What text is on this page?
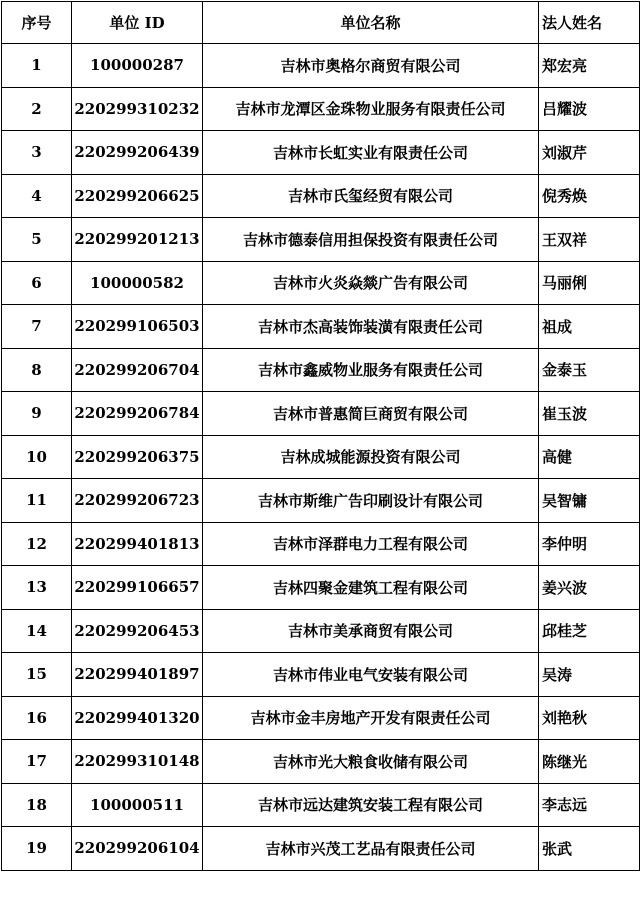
序号	单位 ID	单位名称	法人姓名
1	100000287	吉林市奥格尔商贸有限公司	郑宏亮
2	220299310232	吉林市龙潭区金珠物业服务有限责任公司	吕耀波
3	220299206439	吉林市长虹实业有限责任公司	刘淑芹
4	220299206625	吉林市氏玺经贸有限公司	倪秀焕
5	220299201213	吉林市德泰信用担保投资有限责任公司	王双祥
6	100000582	吉林市火炎焱燚广告有限公司	马丽俐
7	220299106503	吉林市杰高装饰装潢有限责任公司	祖成
8	220299206704	吉林市鑫威物业服务有限责任公司	金泰玉
9	220299206784	吉林市普惠简巨商贸有限公司	崔玉波
10	220299206375	吉林成城能源投资有限公司	高健
11	220299206723	吉林市斯维广告印刷设计有限公司	吴智镛
12	220299401813	吉林市泽群电力工程有限公司	李仲明
13	220299106657	吉林四聚金建筑工程有限公司	姜兴波
14	220299206453	吉林市美承商贸有限公司	邱桂芝
15	220299401897	吉林市伟业电气安装有限公司	吴涛
16	220299401320	吉林市金丰房地产开发有限责任公司	刘艳秋
17	220299310148	吉林市光大粮食收储有限公司	陈继光
18	100000511	吉林市远达建筑安装工程有限公司	李志远
19	220299206104	吉林市兴茂工艺品有限责任公司	张武
